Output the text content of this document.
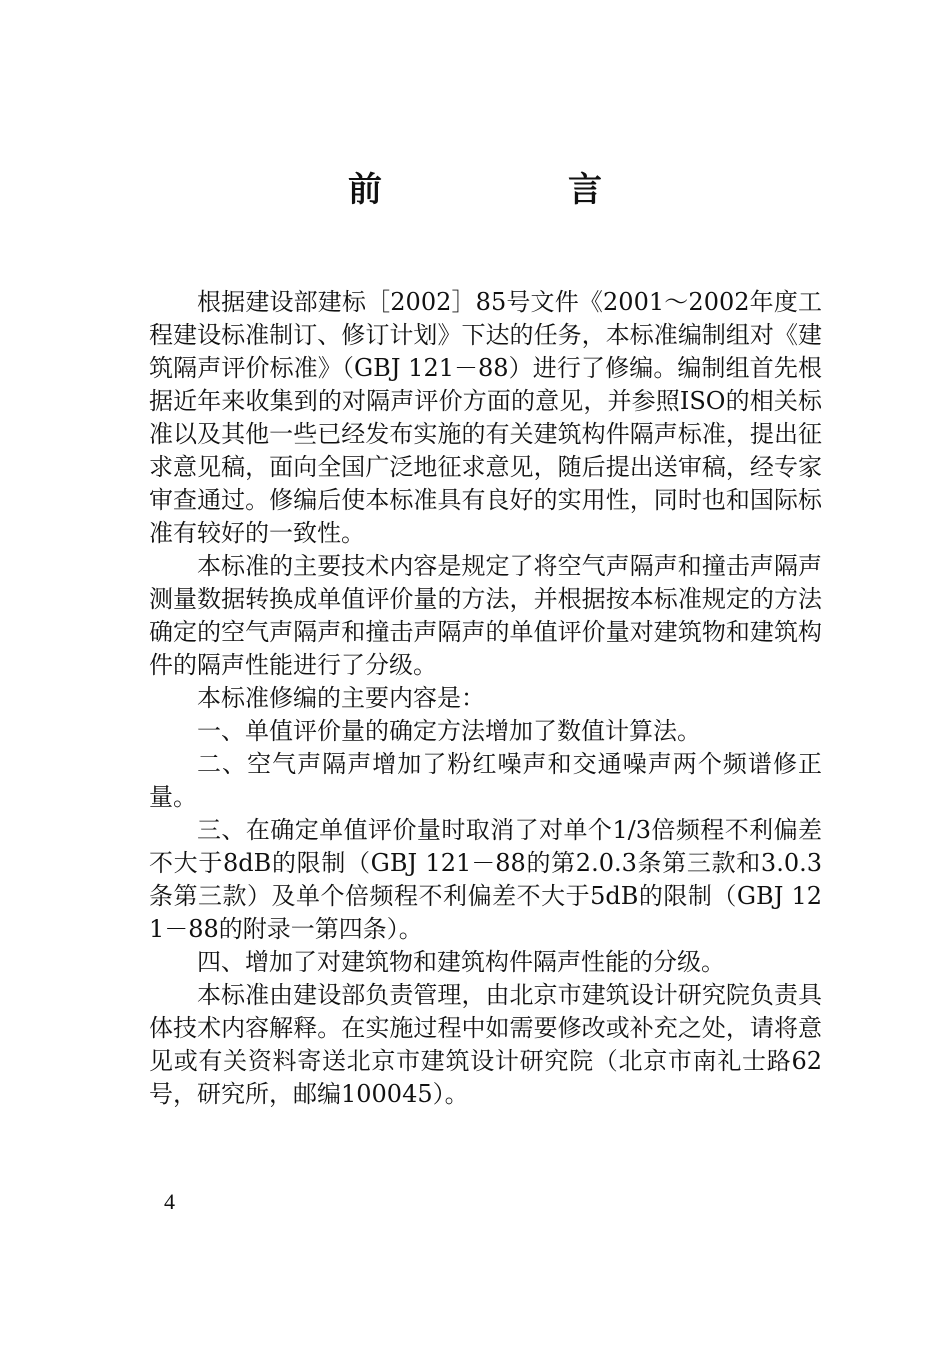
前　言

根据建设部建标［2002］85号文件《2001～2002年度工程建设标准制订、修订计划》下达的任务，本标准编制组对《建筑隔声评价标准》（GBJ 121－88）进行了修编。编制组首先根据近年来收集到的对隔声评价方面的意见，并参照ISO的相关标准以及其他一些已经发布实施的有关建筑构件隔声标准，提出征求意见稿，面向全国广泛地征求意见，随后提出送审稿，经专家审查通过。修编后使本标准具有良好的实用性，同时也和国际标准有较好的一致性。

本标准的主要技术内容是规定了将空气声隔声和撞击声隔声测量数据转换成单值评价量的方法，并根据按本标准规定的方法确定的空气声隔声和撞击声隔声的单值评价量对建筑物和建筑构件的隔声性能进行了分级。

本标准修编的主要内容是：

一、单值评价量的确定方法增加了数值计算法。

二、空气声隔声增加了粉红噪声和交通噪声两个频谱修正量。

三、在确定单值评价量时取消了对单个1/3倍频程不利偏差不大于8dB的限制（GBJ 121－88的第2.0.3条第三款和3.0.3条第三款）及单个倍频程不利偏差不大于5dB的限制（GBJ 121－88的附录一第四条）。

四、增加了对建筑物和建筑构件隔声性能的分级。

本标准由建设部负责管理，由北京市建筑设计研究院负责具体技术内容解释。在实施过程中如需要修改或补充之处，请将意见或有关资料寄送北京市建筑设计研究院（北京市南礼士路62号，研究所，邮编100045）。

4
